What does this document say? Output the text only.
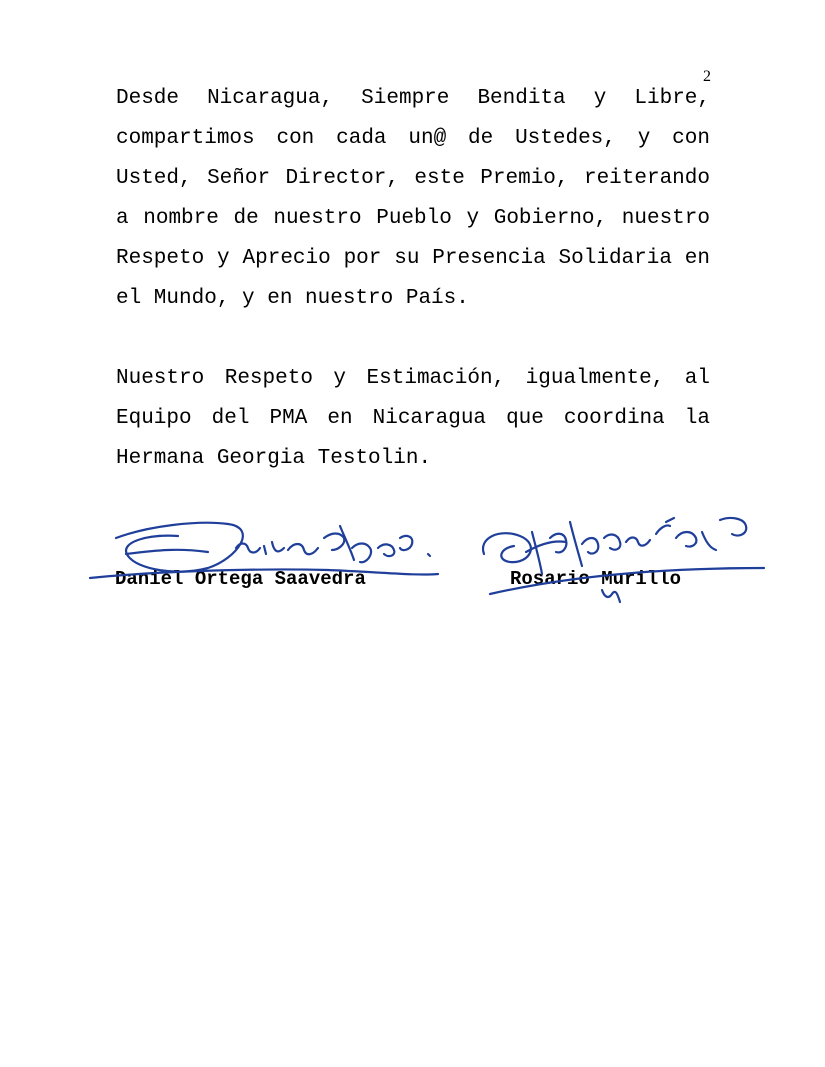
2

Desde Nicaragua, Siempre Bendita y Libre, compartimos con cada un@ de Ustedes, y con Usted, Señor Director, este Premio, reiterando a nombre de nuestro Pueblo y Gobierno, nuestro Respeto y Aprecio por su Presencia Solidaria en el Mundo, y en nuestro País.

Nuestro Respeto y Estimación, igualmente, al Equipo del PMA en Nicaragua que coordina la Hermana Georgia Testolin.

Daniel Ortega Saavedra	Rosario Murillo
